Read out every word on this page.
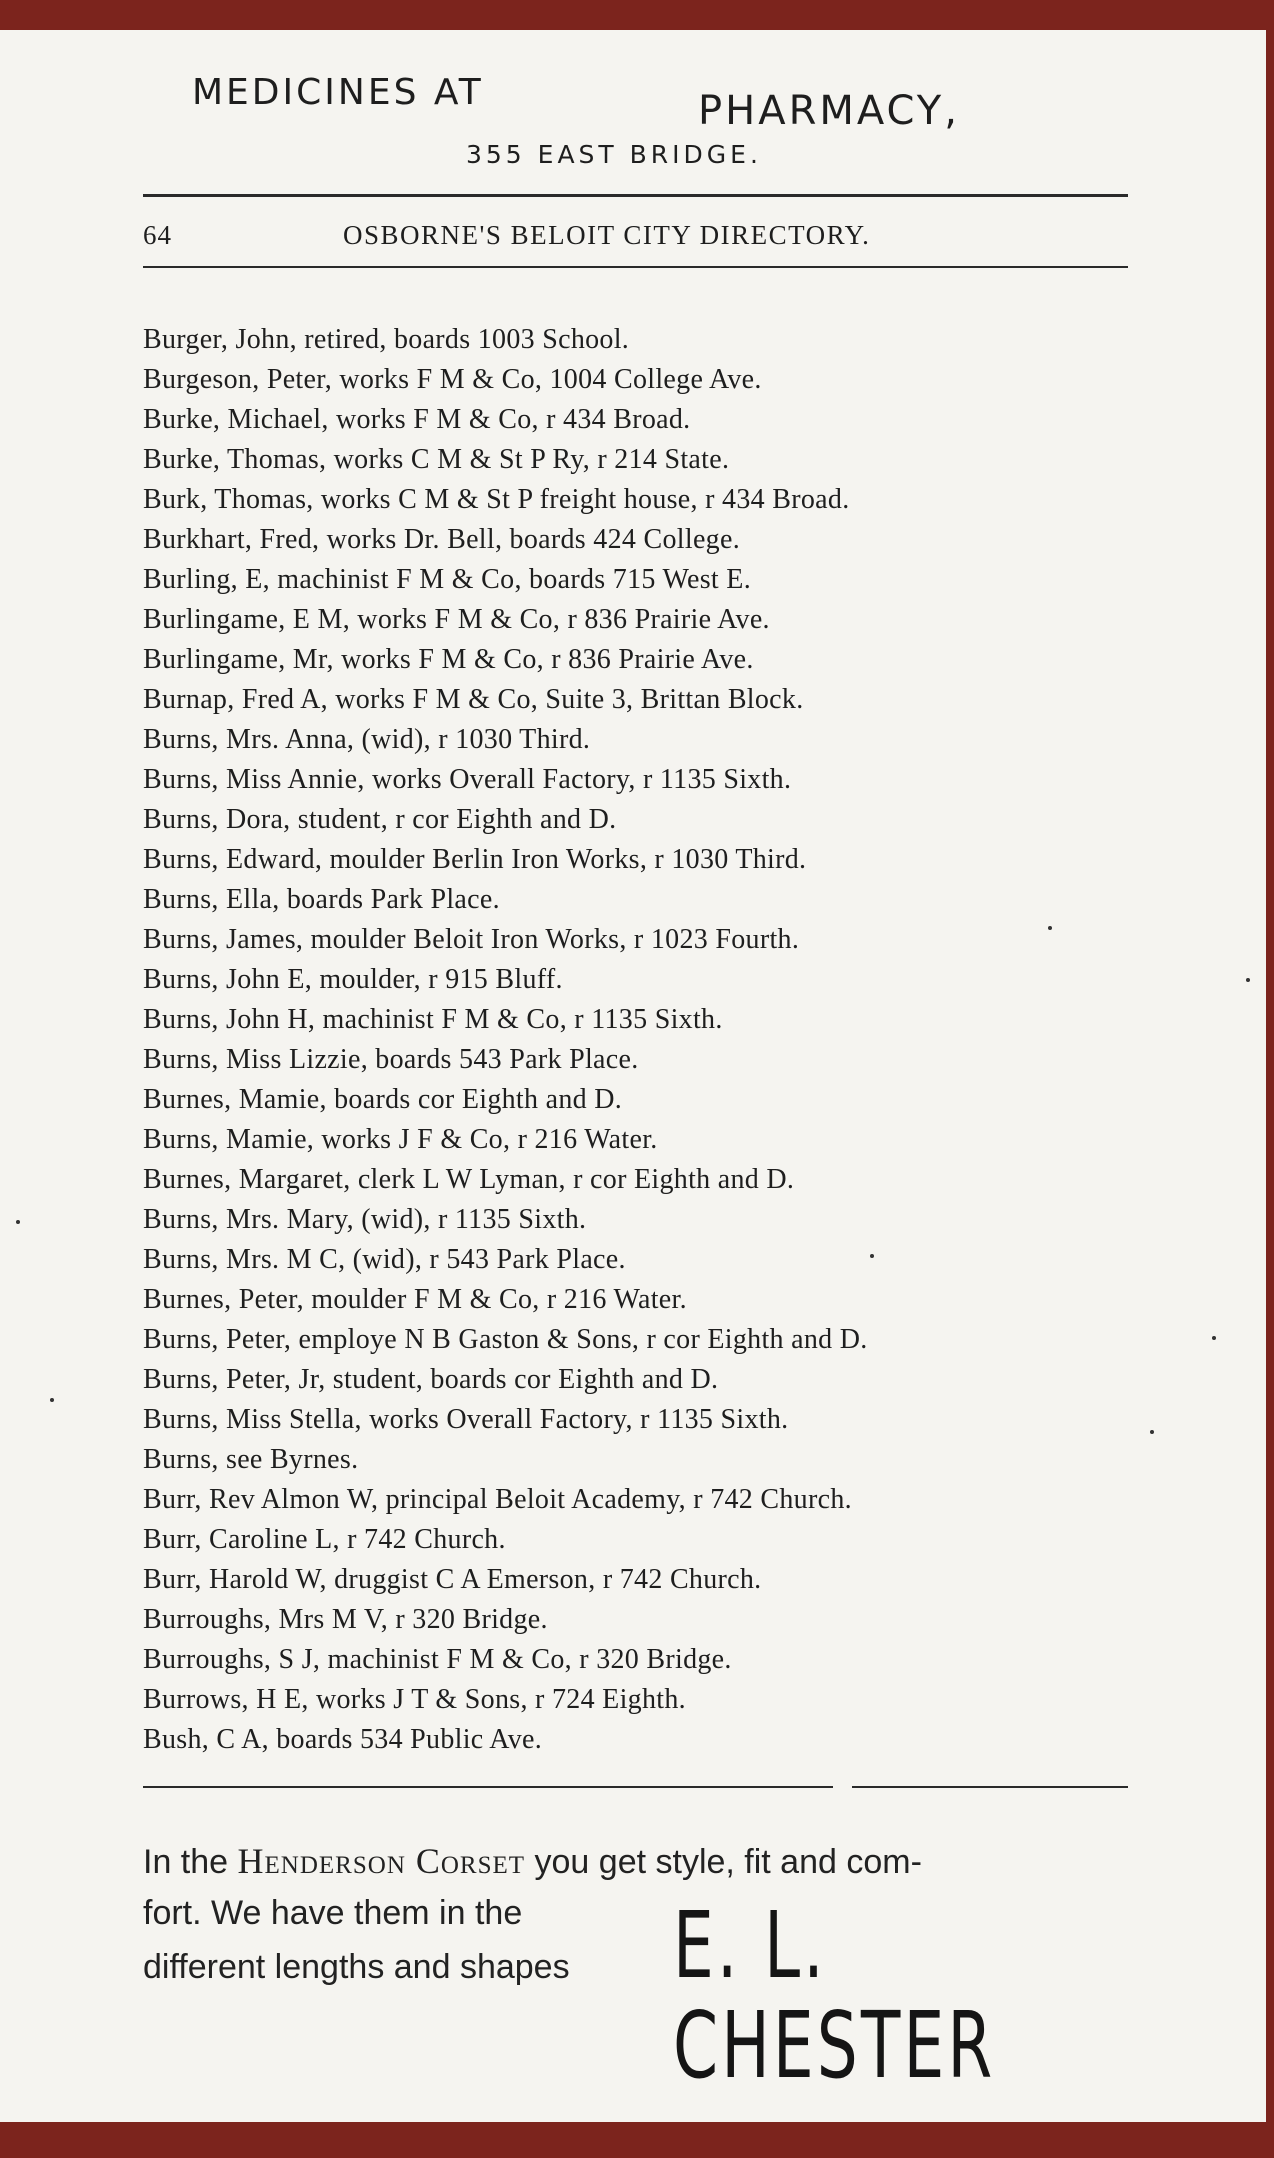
MEDICINES AT	PHARMACY,
355 EAST BRIDGE.
64	OSBORNE'S BELOIT CITY DIRECTORY.
Burger, John, retired, boards 1003 School.
Burgeson, Peter, works F M & Co, 1004 College Ave.
Burke, Michael, works F M & Co, r 434 Broad.
Burke, Thomas, works C M & St P Ry, r 214 State.
Burk, Thomas, works C M & St P freight house, r 434 Broad.
Burkhart, Fred, works Dr. Bell, boards 424 College.
Burling, E, machinist F M & Co, boards 715 West E.
Burlingame, E M, works F M & Co, r 836 Prairie Ave.
Burlingame, Mr, works F M & Co, r 836 Prairie Ave.
Burnap, Fred A, works F M & Co, Suite 3, Brittan Block.
Burns, Mrs. Anna, (wid), r 1030 Third.
Burns, Miss Annie, works Overall Factory, r 1135 Sixth.
Burns, Dora, student, r cor Eighth and D.
Burns, Edward, moulder Berlin Iron Works, r 1030 Third.
Burns, Ella, boards Park Place.
Burns, James, moulder Beloit Iron Works, r 1023 Fourth.
Burns, John E, moulder, r 915 Bluff.
Burns, John H, machinist F M & Co, r 1135 Sixth.
Burns, Miss Lizzie, boards 543 Park Place.
Burnes, Mamie, boards cor Eighth and D.
Burns, Mamie, works J F & Co, r 216 Water.
Burnes, Margaret, clerk L W Lyman, r cor Eighth and D.
Burns, Mrs. Mary, (wid), r 1135 Sixth.
Burns, Mrs. M C, (wid), r 543 Park Place.
Burnes, Peter, moulder F M & Co, r 216 Water.
Burns, Peter, employe N B Gaston & Sons, r cor Eighth and D.
Burns, Peter, Jr, student, boards cor Eighth and D.
Burns, Miss Stella, works Overall Factory, r 1135 Sixth.
Burns, see Byrnes.
Burr, Rev Almon W, principal Beloit Academy, r 742 Church.
Burr, Caroline L, r 742 Church.
Burr, Harold W, druggist C A Emerson, r 742 Church.
Burroughs, Mrs M V, r 320 Bridge.
Burroughs, S J, machinist F M & Co, r 320 Bridge.
Burrows, H E, works J T & Sons, r 724 Eighth.
Bush, C A, boards 534 Public Ave.
In the Henderson Corset you get style, fit and com-
fort. We have them in the
different lengths and shapes E. L. CHESTER
